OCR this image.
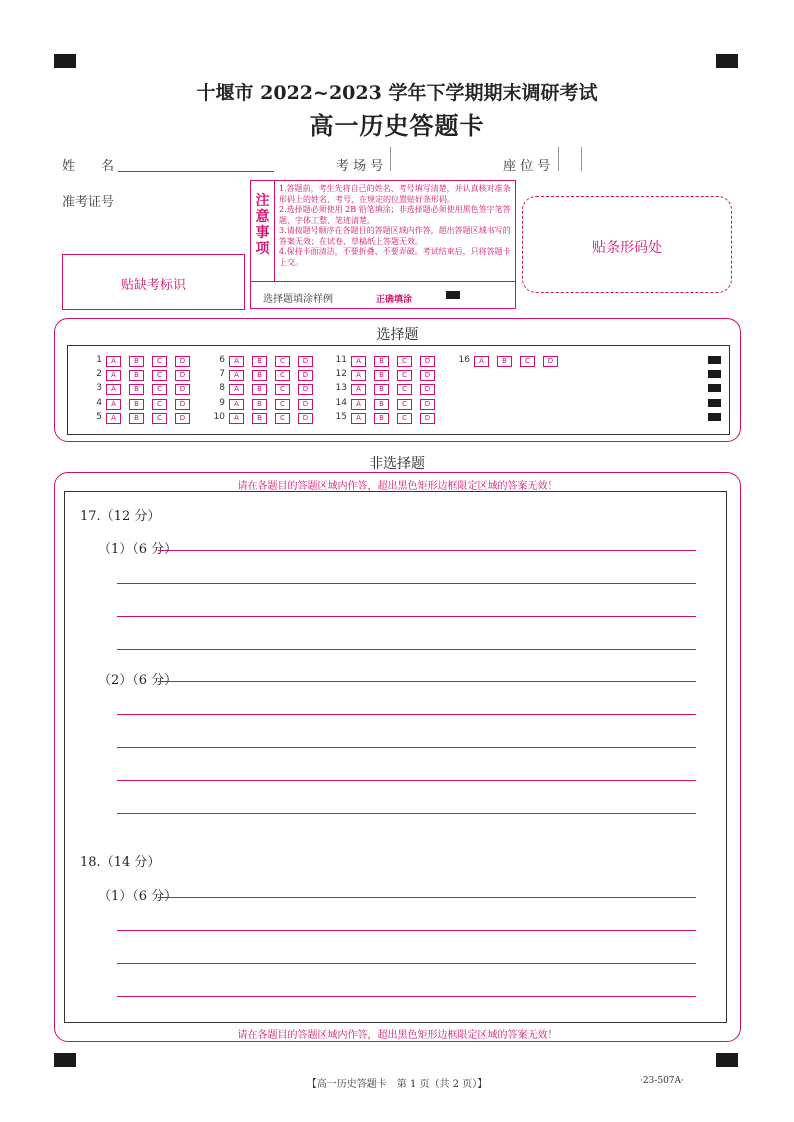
十堰市 2022~2023 学年下学期期末调研考试
高一历史答题卡
姓　　名	考 场 号	座 位 号
准考证号
贴缺考标识
注
意
事
项
1.答题前，考生先将自己的姓名、考号填写清楚，并认真核对准条形码上的姓名、考号，在规定的位置贴好条形码。
2.选择题必须使用 2B 铅笔填涂；非选择题必须使用黑色签字笔答题，字体工整、笔迹清楚。
3.请按题号顺序在各题目的答题区域内作答，超出答题区域书写的答案无效；在试卷、草稿纸上答题无效。
4.保持卡面清洁，不要折叠、不要弄破。考试结束后，只将答题卡上交。
选择题填涂样例	正确填涂
贴条形码处
选择题
1	A	B	C	D
2	A	B	C	D
3	A	B	C	D
4	A	B	C	D
5	A	B	C	D
6	A	B	C	D
7	A	B	C	D
8	A	B	C	D
9	A	B	C	D
10	A	B	C	D
11	A	B	C	D
12	A	B	C	D
13	A	B	C	D
14	A	B	C	D
15	A	B	C	D
16	A	B	C	D
非选择题
请在各题目的答题区域内作答，超出黑色矩形边框限定区域的答案无效！
请在各题目的答题区域内作答，超出黑色矩形边框限定区域的答案无效！
17.（12 分）
（1）（6 分）
（2）（6 分）
18.（14 分）
（1）（6 分）
【高一历史答题卡　第 1 页（共 2 页）】	·23-507A·
